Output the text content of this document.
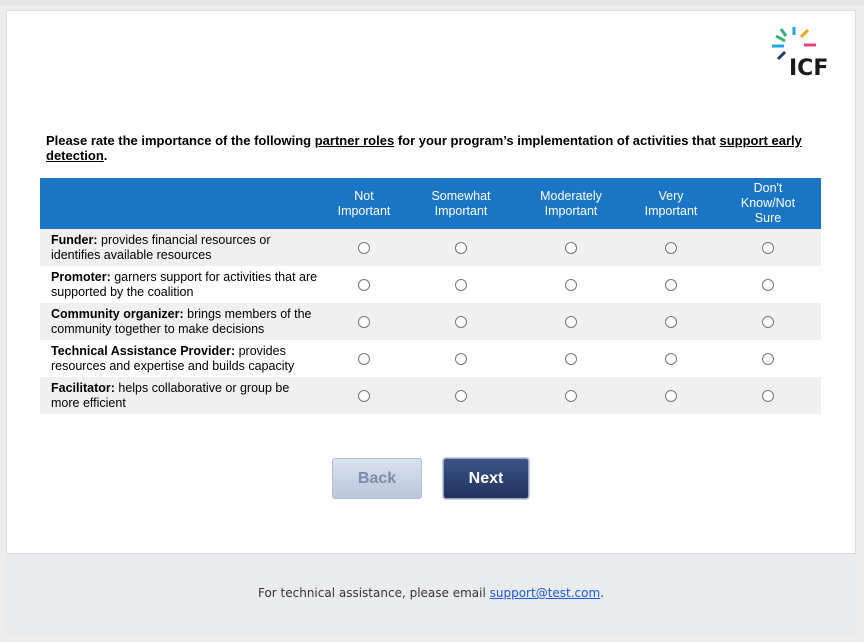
ICF
Please rate the importance of the following partner roles for your program’s implementation of activities that support early detection.
Not
Important
Somewhat
Important
Moderately
Important
Very
Important
Don't
Know/Not
Sure
Funder: provides financial resources or identifies available resources
Promoter: garners support for activities that are supported by the coalition
Community organizer: brings members of the community together to make decisions
Technical Assistance Provider: provides resources and expertise and builds capacity
Facilitator: helps collaborative or group be more efficient
Back	Next
For technical assistance, please email support@test.com.
